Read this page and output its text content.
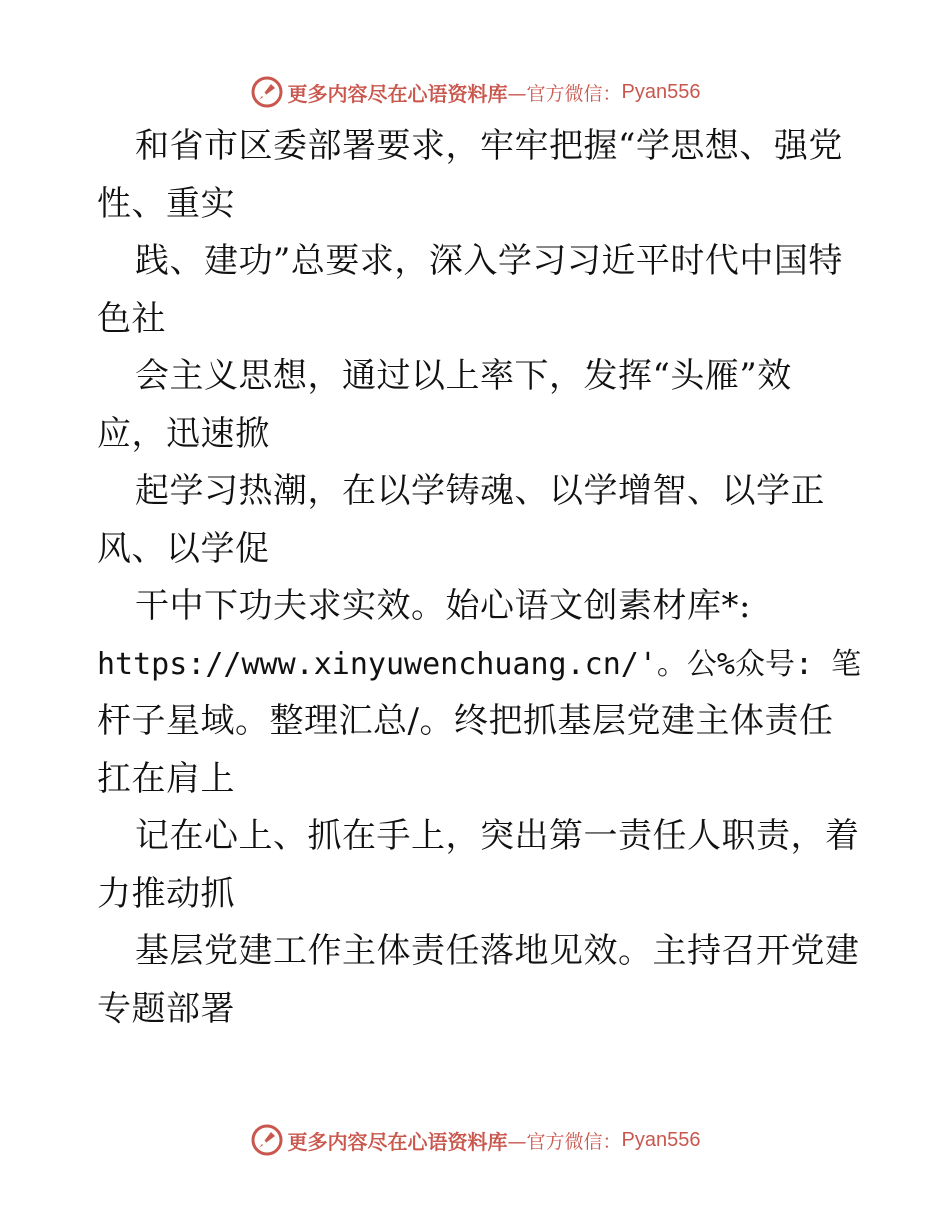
更多内容尽在心语资料库 —官方微信： Pyan556
和省市区委部署要求，牢牢把握“学思想、强党
性、重实
践、建功”总要求，深入学习习近平时代中国特
色社
会主义思想，通过以上率下，发挥“头雁”效
应，迅速掀
起学习热潮，在以学铸魂、以学增智、以学正
风、以学促
干中下功夫求实效。始心语文创素材库*:
https://www.xinyuwenchuang.cn/'。公%众号: 笔
杆子星域。整理汇总/。终把抓基层党建主体责任
扛在肩上
记在心上、抓在手上，突出第一责任人职责，着
力推动抓
基层党建工作主体责任落地见效。主持召开党建
专题部署
更多内容尽在心语资料库 —官方微信： Pyan556
